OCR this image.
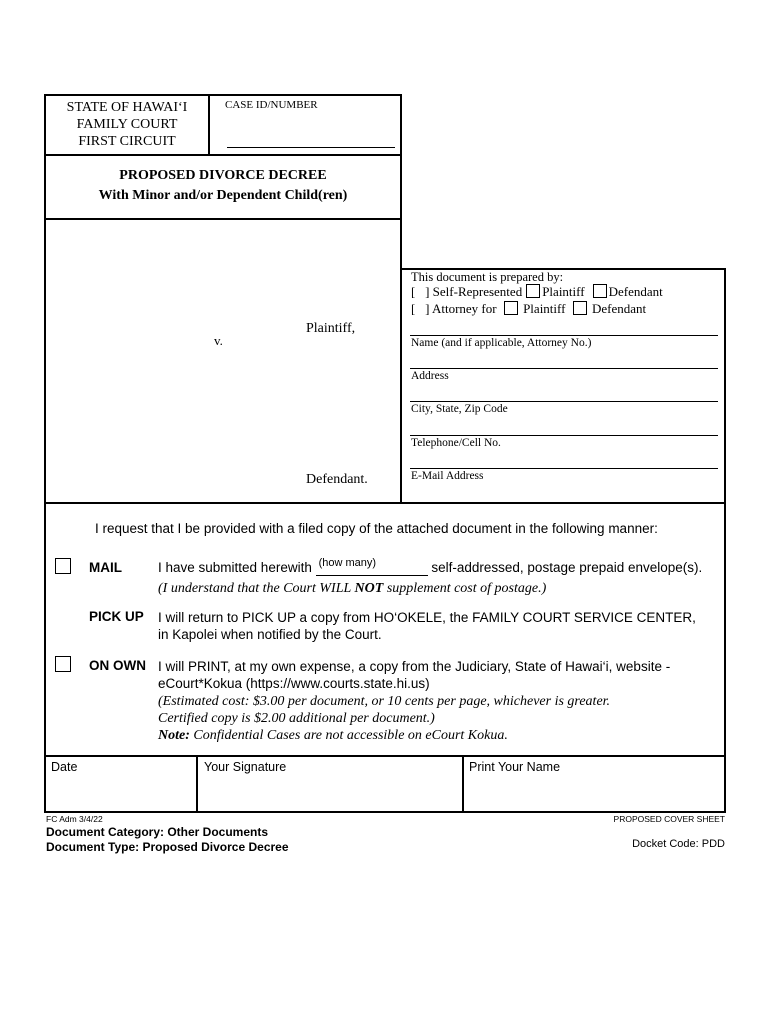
STATE OF HAWAI‘I
FAMILY COURT
FIRST CIRCUIT
CASE ID/NUMBER
PROPOSED DIVORCE DECREE
With Minor and/or Dependent Child(ren)
Plaintiff,
v.
Defendant.
This document is prepared by:
[ ] Self-Represented Plaintiff Defendant
[ ] Attorney for Plaintiff Defendant
Name (and if applicable, Attorney No.)
Address
City, State, Zip Code
Telephone/Cell No.
E-Mail Address
I request that I be provided with a filed copy of the attached document in the following manner:
MAIL	I have submitted herewith (how many)	self-addressed, postage prepaid envelope(s).
(I understand that the Court WILL NOT supplement cost of postage.)
PICK UP I will return to PICK UP a copy from HO‘OKELE, the FAMILY COURT SERVICE CENTER,
in Kapolei when notified by the Court.
ON OWN I will PRINT, at my own expense, a copy from the Judiciary, State of Hawai‘i, website -
eCourt*Kokua (https://www.courts.state.hi.us)
(Estimated cost: $3.00 per document, or 10 cents per page, whichever is greater.
Certified copy is $2.00 additional per document.)
Note: Confidential Cases are not accessible on eCourt Kokua.
Date	Your Signature	Print Your Name
FC Adm 3/4/22	PROPOSED COVER SHEET
Document Category: Other Documents
Document Type: Proposed Divorce Decree	Docket Code: PDD
